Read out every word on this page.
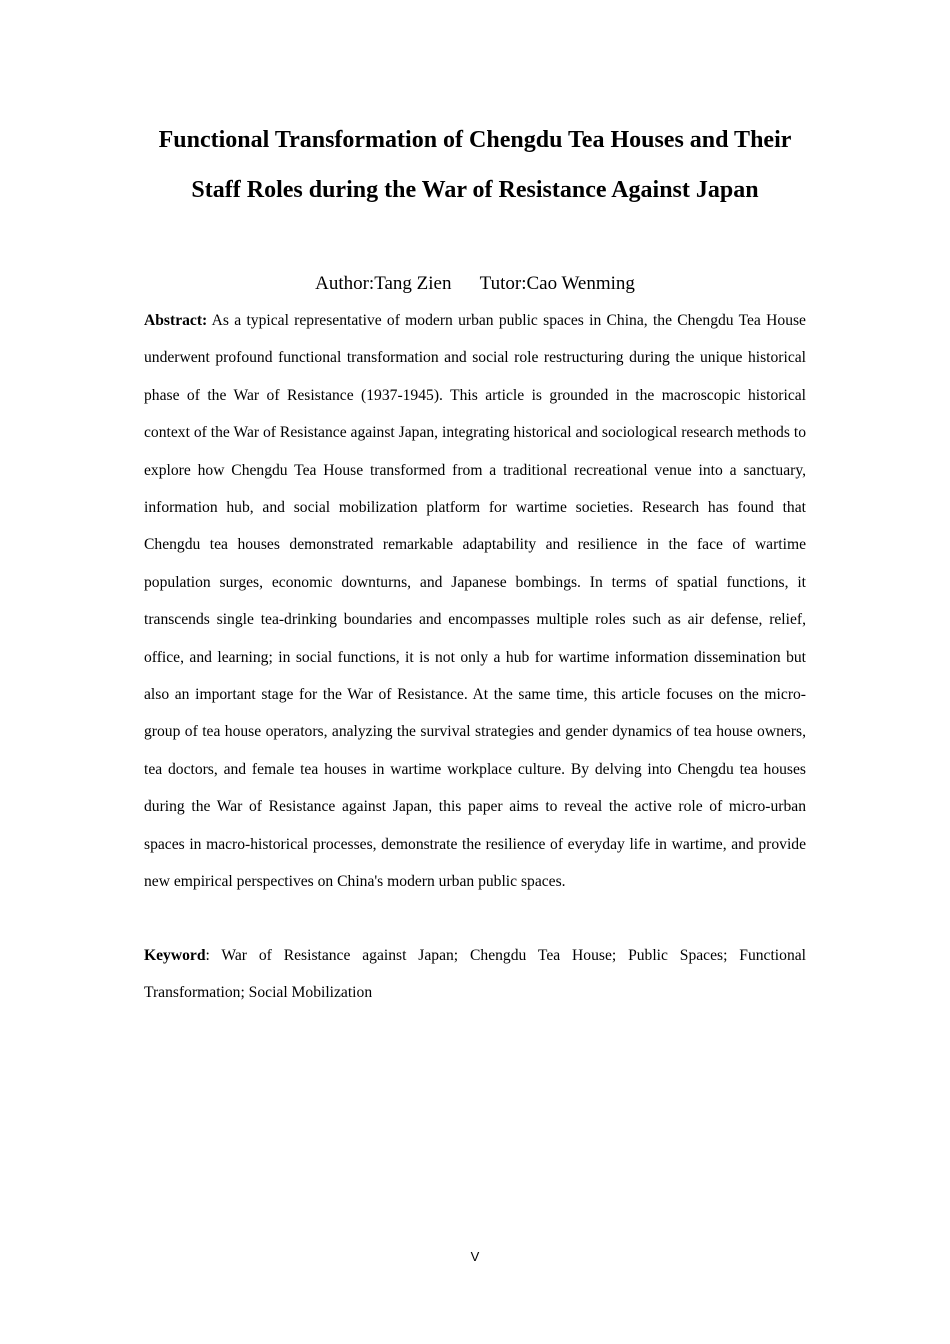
Functional Transformation of Chengdu Tea Houses and Their Staff Roles during the War of Resistance Against Japan
Author:Tang Zien Tutor:Cao Wenming

Abstract: As a typical representative of modern urban public spaces in China, the Chengdu Tea House underwent profound functional transformation and social role restructuring during the unique historical phase of the War of Resistance (1937-1945). This article is grounded in the macroscopic historical context of the War of Resistance against Japan, integrating historical and sociological research methods to explore how Chengdu Tea House transformed from a traditional recreational venue into a sanctuary, information hub, and social mobilization platform for wartime societies. Research has found that Chengdu tea houses demonstrated remarkable adaptability and resilience in the face of wartime population surges, economic downturns, and Japanese bombings. In terms of spatial functions, it transcends single tea-drinking boundaries and encompasses multiple roles such as air defense, relief, office, and learning; in social functions, it is not only a hub for wartime information dissemination but also an important stage for the War of Resistance. At the same time, this article focuses on the micro-group of tea house operators, analyzing the survival strategies and gender dynamics of tea house owners, tea doctors, and female tea houses in wartime workplace culture. By delving into Chengdu tea houses during the War of Resistance against Japan, this paper aims to reveal the active role of micro-urban spaces in macro-historical processes, demonstrate the resilience of everyday life in wartime, and provide new empirical perspectives on China's modern urban public spaces.

Keyword: War of Resistance against Japan; Chengdu Tea House; Public Spaces; Functional Transformation; Social Mobilization

V
